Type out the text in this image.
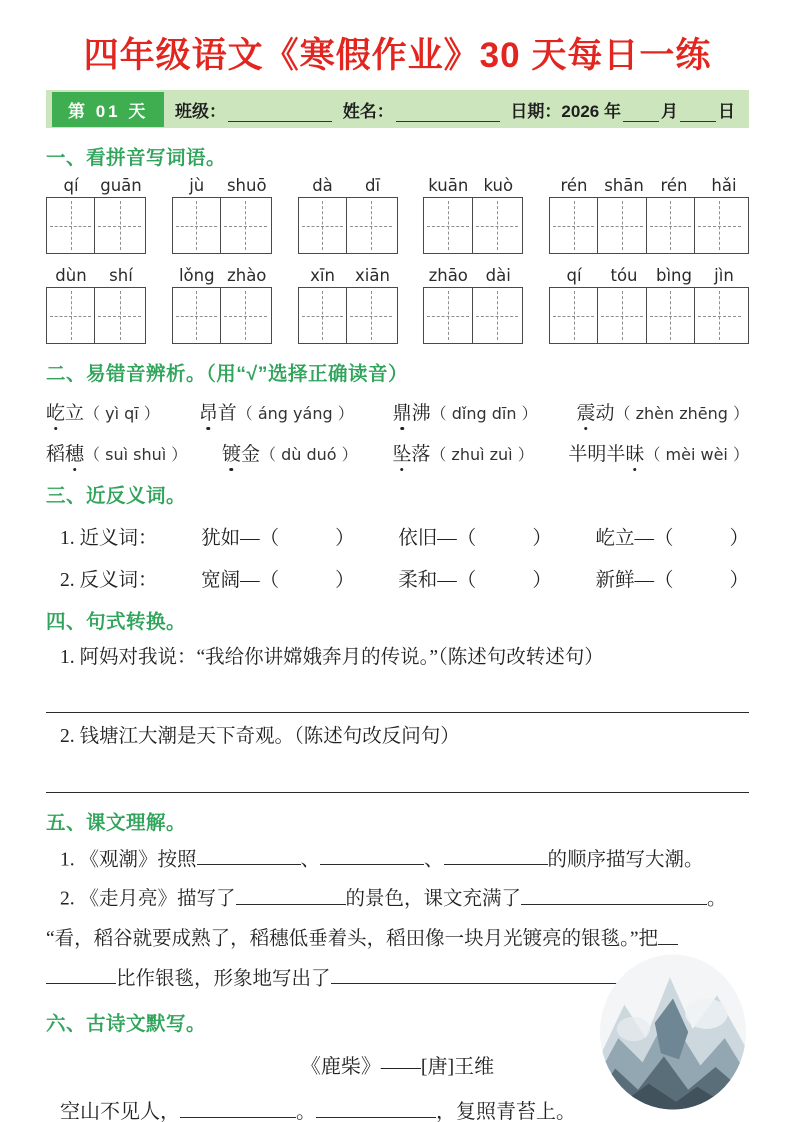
四年级语文《寒假作业》30 天每日一练
第 01 天	班级：	姓名：	日期：2026 年 月 日
一、看拼音写词语。
qí	guān	jù	shuō	dà	dī	kuān kuò	rén	shān	rén	hǎi
dùn	shí	lǒng zhào	xīn	xiān	zhāo	dài	qí	tóu	bìng	jìn
二、易错音辨析。（用“√”选择正确读音）
屹立（ yì qī ） 昂首（ áng yáng ） 鼎沸（ dǐng dīn ） 震动（ zhèn zhēng ）
稻穗（ suì shuì ） 镀金（ dù duó ） 坠落（ zhuì zuì ） 半明半昧（ mèi wèi ）
三、近反义词。
1. 近义词： 犹如—（	） 依旧—（	） 屹立—（	）
2. 反义词： 宽阔—（	） 柔和—（	） 新鲜—（	）
四、句式转换。

1. 阿妈对我说：“我给你讲嫦娥奔月的传说。”（陈述句改转述句）

2. 钱塘江大潮是天下奇观。（陈述句改反问句）

五、课文理解。

1. 《观潮》按照	、	、	的顺序描写大潮。

2. 《走月亮》描写了	的景色，课文充满了	。

“看，稻谷就要成熟了，稻穗低垂着头，稻田像一块月光镀亮的银毯。”把

比作银毯，形象地写出了

六、古诗文默写。

《鹿柴》——[唐]王维

空山不见人，	。	，复照青苔上。
